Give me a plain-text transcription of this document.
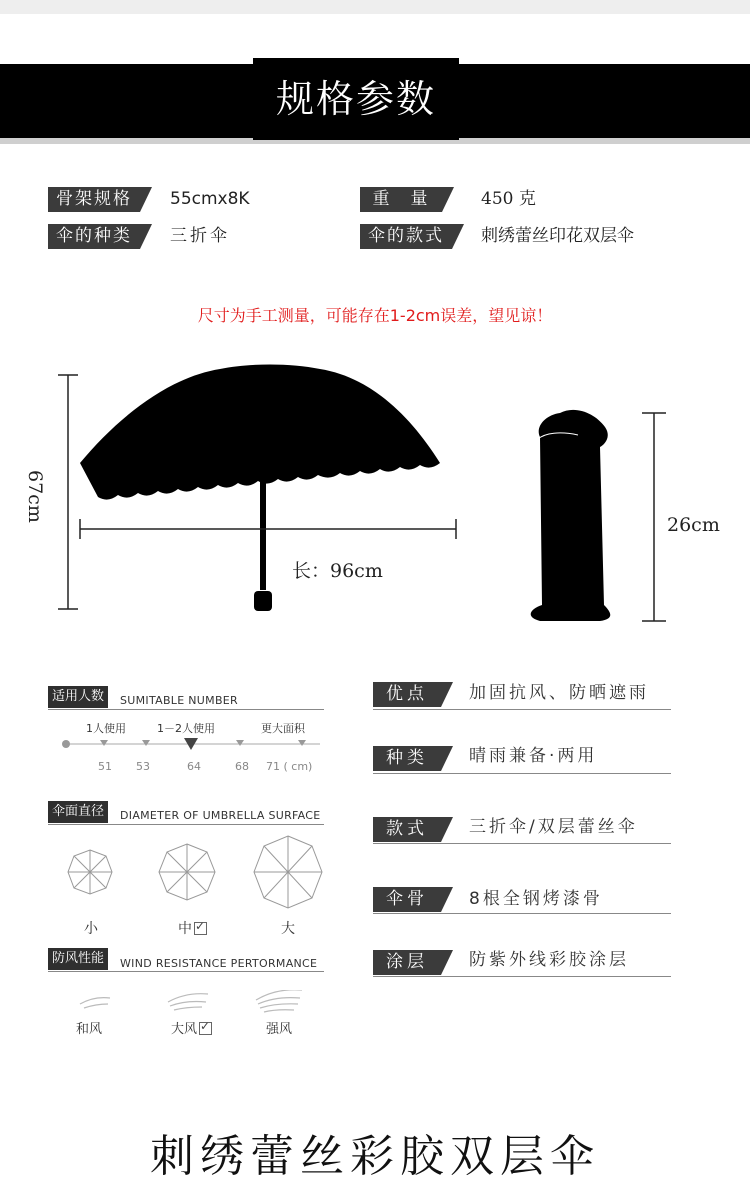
规格参数
骨架规格	55cmx8K	重　量	450 克
伞的种类	三折伞	伞的款式	刺绣蕾丝印花双层伞
尺寸为手工测量，可能存在1-2cm误差，望见谅！
67cm
长：96cm
26cm
适用人数	SUMITABLE NUMBER
1人使用	1－2人使用	更大面积
51 53	64	68 71 ( cm)
伞面直径	DIAMETER OF UMBRELLA SURFACE
小	中 ✓	大
防风性能	WIND RESISTANCE PERTORMANCE
和风	大风 ✓	强风
优点	加固抗风、防晒遮雨
种类	晴雨兼备·两用
款式	三折伞/双层蕾丝伞
伞骨	8根全钢烤漆骨
涂层	防紫外线彩胶涂层
刺绣蕾丝彩胶双层伞
